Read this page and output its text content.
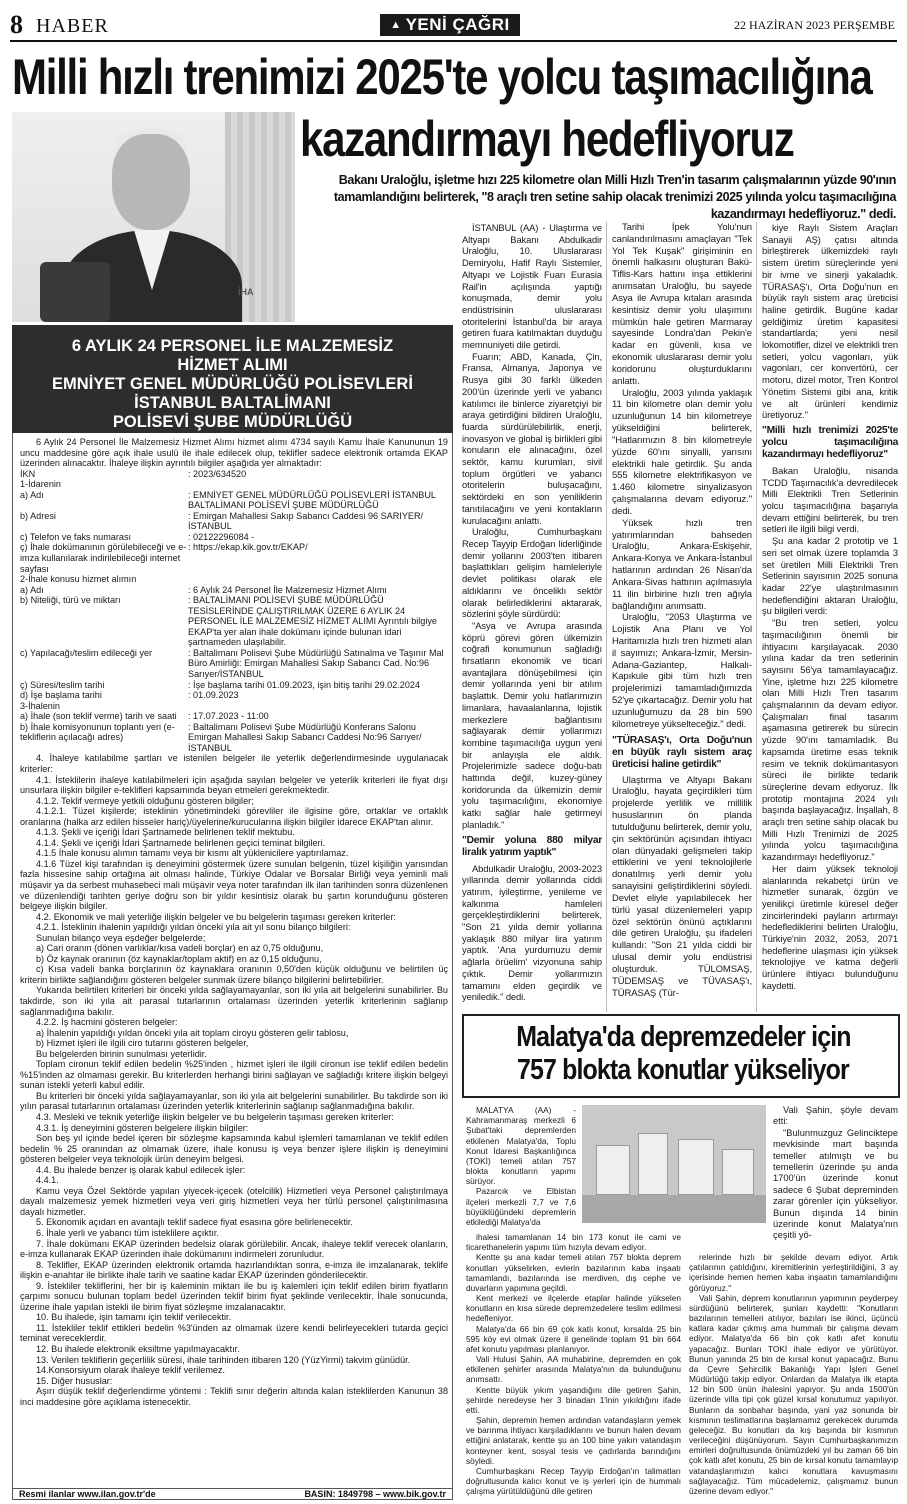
8 HABER	▲ YENİ ÇAĞRI	22 HAZİRAN 2023 PERŞEMBE
Milli hızlı trenimizi 2025'te yolcu taşımacılığına
kazandırmayı hedefliyoruz
İHA
Bakanı Uraloğlu, işletme hızı 225 kilometre olan Milli Hızlı Tren'in tasarım çalışmalarının yüzde 90'ının tamamlandığını belirterek, "8 araçlı tren setine sahip olacak trenimizi 2025 yılında yolcu taşımacılığına kazandırmayı hedefliyoruz." dedi.

İSTANBUL (AA) - Ulaştırma ve Altyapı Bakanı Abdulkadir Uraloğlu, 10. Uluslararası Demiryolu, Hafif Raylı Sistemler, Altyapı ve Lojistik Fuarı Eurasia Rail'in açılışında yaptığı konuşmada, demir yolu endüstrisinin uluslararası otoritelerini İstanbul'da bir araya getiren fuara katılmaktan duyduğu memnuniyeti dile getirdi.

Fuarın; ABD, Kanada, Çin, Fransa, Almanya, Japonya ve Rusya gibi 30 farklı ülkeden 200'ün üzerinde yerli ve yabancı katılımcı ile binlerce ziyaretçiyi bir araya getirdiğini bildiren Uraloğlu, fuarda sürdürülebilirlik, enerji, inovasyon ve global iş birlikleri gibi konuların ele alınacağını, özel sektör, kamu kurumları, sivil toplum örgütleri ve yabancı otoritelerin buluşacağını, sektördeki en son yeniliklerin tanıtılacağını ve yeni kontakların kurulacağını anlattı.

Uraloğlu, Cumhurbaşkanı Recep Tayyip Erdoğan liderliğinde demir yollarını 2003'ten itibaren başlattıkları gelişim hamleleriyle devlet politikası olarak ele aldıklarını ve önceliklı sektör olarak belirlediklerini aktararak, sözlerini şöyle sürdürdü:

"Asya ve Avrupa arasında köprü görevi gören ülkemizin coğrafi konumunun sağladığı fırsatların ekonomik ve ticari avantajlara dönüşebilmesi için demir yollarında yeni bir atılım başlattık. Demir yolu hatlarımızın limanlara, havaalanlarına, lojistik merkezlere bağlantısını sağlayarak demir yollarımızı kombine taşımacılığa uygun yeni bir anlayışla ele aldık. Projelerimizle sadece doğu-batı hattında değil, kuzey-güney koridorunda da ülkemizin demir yolu taşımacılığını, ekonomiye katkı sağlar hale getirmeyi planladık."

"Demir yoluna 880 milyar liralık yatırım yaptık"

Abdulkadir Uraloğlu, 2003-2023 yıllarında demir yollarında ciddi yatırım, iyileştirme, yenileme ve kalkınma hamleleri gerçekleştirdiklerini belirterek, "Son 21 yılda demir yollarına yaklaşık 880 milyar lira yatırım yaptık. 'Ana yurdumuzu demir ağlarla örüelim' vizyonuna sahip çıktık. Demir yollarımızın tamamını elden geçirdik ve yeniledik." dedi.

Tarihi İpek Yolu'nun canlandırılmasını amaçlayan "Tek Yol Tek Kuşak" girişiminin en önemli halkasını oluşturan Bakü-Tiflis-Kars hattını inşa ettiklerini anımsatan Uraloğlu, bu sayede Asya ile Avrupa kıtaları arasında kesintisiz demir yolu ulaşımını mümkün hale getiren Marmaray sayesinde Londra'dan Pekin'e kadar en güvenli, kısa ve ekonomik uluslararası demir yolu koridorunu oluşturduklarını anlattı.

Uraloğlu, 2003 yılında yaklaşık 11 bin kilometre olan demir yolu uzunluğunun 14 bin kilometreye yükseldiğini belirterek, "Hatlarımızın 8 bin kilometreyle yüzde 60'ını sinyalli, yarısını elektrikli hale getirdik. Şu anda 555 kilometre elektrifikasyon ve 1.460 kilometre sinyalizasyon çalışmalarına devam ediyoruz." dedi.

Yüksek hızlı tren yatırımlarından bahseden Uraloğlu, Ankara-Eskişehir, Ankara-Konya ve Ankara-İstanbul hatlarının ardından 26 Nisan'da Ankara-Sivas hattının açılmasıyla 11 ilin birbirine hızlı tren ağıyla bağlandığını anımsattı.

Uraloğlu, "2053 Ulaştırma ve Lojistik Ana Planı ve Yol Haritamızla hızlı tren hizmeti alan il sayımızı; Ankara-İzmir, Mersin-Adana-Gaziantep, Halkalı-Kapıkule gibi tüm hızlı tren projelerimizi tamamladığımızda 52'ye çıkartacağız. Demir yolu hat uzunluğumuzu da 28 bin 590 kilometreye yükselteceğiz." dedi.

"TÜRASAŞ'ı, Orta Doğu'nun en büyük raylı sistem araç üreticisi haline getirdik"

Ulaştırma ve Altyapı Bakanı Uraloğlu, hayata geçirdikleri tüm projelerde yerlilik ve millilik hususlarının ön planda tutulduğunu belirterek, demir yolu, çin sektörünün açısından ihtiyacı olan dünyadaki gelişmeleri takip ettiklerini ve yeni teknolojilerle donatılmış yerli demir yolu sanayisini geliştirdiklerini söyledi. Devlet eliyle yapılabilecek her türlü yasal düzenlemeleri yapıp özel sektörün önünü açtıklarını dile getiren Uraloğlu, şu ifadeleri kullandı: "Son 21 yılda ciddi bir ulusal demir yolu endüstrisi oluşturduk. TÜLOMSAŞ, TÜDEMSAŞ ve TÜVASAŞ'ı, TÜRASAŞ (Tür-

kiye Raylı Sistem Araçları Sanayii AŞ) çatısı altında birleştirerek ülkemizdeki raylı sistem üretim süreçlerinde yeni bir ivme ve sinerji yakaladık. TÜRASAŞ'ı, Orta Doğu'nun en büyük raylı sistem araç üreticisi haline getirdik. Bugüne kadar geldiğimiz üretim kapasitesi standartlarda; yeni nesil lokomotifler, dizel ve elektrikli tren setleri, yolcu vagonları, yük vagonları, cer konvertörü, cer motoru, dizel motor, Tren Kontrol Yönetim Sistemi gibi ana, kritik ve alt ürünleri kendimiz üretiyoruz."

"Milli hızlı trenimizi 2025'te yolcu taşımacılığına kazandırmayı hedefliyoruz"

Bakan Uraloğlu, nisanda TCDD Taşımacılık'a devredilecek Milli Elektrikli Tren Setlerinin yolcu taşımacılığına başarıyla devam ettiğini belirterek, bu tren setleri ile ilgili bilgi verdi.

Şu ana kadar 2 prototip ve 1 seri set olmak üzere toplamda 3 set üretilen Milli Elektrikli Tren Setlerinin sayısının 2025 sonuna kadar 22'ye ulaştırılmasının hedeflendiğini aktaran Uraloğlu, şu bilgileri verdi:

"Bu tren setleri, yolcu taşımacılığının önemli bir ihtiyacını karşılayacak. 2030 yılına kadar da tren setlerinin sayısını 56'ya tamamlayacağız. Yine, işletme hızı 225 kilometre olan Milli Hızlı Tren tasarım çalışmalarının da devam ediyor. Çalışmaları final tasarım aşamasına getirerek bu sürecin yüzde 90'ını tamamladık. Bu kapsamda üretime esas teknik resim ve teknik dokümantasyon süreci ile birlikte tedarik süreçlerine devam ediyoruz. İlk prototip montajına 2024 yılı başında başlayacağız. İnşallah, 8 araçlı tren setine sahip olacak bu Milli Hızlı Trenimizi de 2025 yılında yolcu taşımacılığına kazandırmayı hedefliyoruz."

Her daim yüksek teknoloji alanlarında rekabetçi ürün ve hizmetler sunarak, özgün ve yenilikçi üretimle küresel değer zincirlerindeki payların artırmayı hedeflediklerini belirten Uraloğlu, Türkiye'nin 2032, 2053, 2071 hedeflerine ulaşması için yüksek teknolojiye ve katma değerli ürünlere ihtiyacı bulunduğunu kaydetti.

6 AYLIK 24 PERSONEL İLE MALZEMESİZ
HİZMET ALIMI
EMNİYET GENEL MÜDÜRLÜĞÜ POLİSEVLERİ
İSTANBUL BALTALİMANI
POLİSEVİ ŞUBE MÜDÜRLÜĞÜ

6 Aylık 24 Personel İle Malzemesiz Hizmet Alımı hizmet alımı 4734 sayılı Kamu İhale Kanununun 19 uncu maddesine göre açık ihale usulü ile ihale edilecek olup, teklifler sadece elektronik ortamda EKAP üzerinden alınacaktır. İhaleye ilişkin ayrıntılı bilgiler aşağıda yer almaktadır:

İKN	: 2023/634520
1-İdarenin
a) Adı	: EMNİYET GENEL MÜDÜRLÜĞÜ POLİSEVLERİ İSTANBUL BALTALİMANI POLİSEVİ ŞUBE MÜDÜRLÜĞÜ
b) Adresi	: Emirgan Mahallesi Sakıp Sabancı Caddesi 96 SARIYER/İSTANBUL
c) Telefon ve faks numarası	: 02122296084 -
ç) İhale dokümanının görülebileceği ve e-imza kullanılarak indirilebileceği internet sayfası
: https://ekap.kik.gov.tr/EKAP/
2-İhale konusu hizmet alımın
a) Adı	: 6 Aylık 24 Personel İle Malzemesiz Hizmet Alımı
b) Niteliği, türü ve miktarı	: BALTALİMANI POLİSEVİ ŞUBE MÜDÜRLÜĞÜ TESİSLERİNDE ÇALIŞTIRILMAK ÜZERE 6 AYLIK 24 PERSONEL İLE MALZEMESİZ HİZMET ALIMI Ayrıntılı bilgiye EKAP'ta yer alan ihale dokümanı içinde bulunan idari şartnameden ulaşılabilir.
c) Yapılacağı/teslim edileceği yer	: Baltalimanı Polisevi Şube Müdürlüğü Satınalma ve Taşınır Mal Büro Amirliği: Emirgan Mahallesi Sakıp Sabancı Cad. No:96 Sarıyer/İSTANBUL
ç) Süresi/teslim tarihi	: İşe başlama tarihi 01.09.2023, işin bitiş tarihi 29.02.2024
d) İşe başlama tarihi	: 01.09.2023
3-İhalenin
a) İhale (son teklif verme) tarih ve saati	: 17.07.2023 - 11:00
b) İhale komisyonunun toplantı yeri (e-tekliflerin açılacağı adres)
: Baltalimanı Polisevi Şube Müdürlüğü Konferans Salonu Emirgan Mahallesi Sakıp Sabancı Caddesi No:96 Sarıyer/İSTANBUL

4. İhaleye katılabilme şartları ve istenilen belgeler ile yeterlik değerlendirmesinde uygulanacak kriterler:

4.1. İsteklilerin ihaleye katılabilmeleri için aşağıda sayılan belgeler ve yeterlik kriterleri ile fiyat dışı unsurlara ilişkin bilgiler e-teklifleri kapsamında beyan etmeleri gerekmektedir.

4.1.2. Teklif vermeye yetkili olduğunu gösteren bilgiler;

4.1.2.1. Tüzel kişilerde; isteklinin yönetimindeki görevliler ile ilgisine göre, ortaklar ve ortaklık oranlarına (halka arz edilen hisseler hariç)/üyelerine/kurucularına ilişkin bilgiler idarece EKAP'tan alınır.

4.1.3. Şekli ve içeriği İdari Şartnamede belirlenen teklif mektubu.

4.1.4. Şekli ve içeriği İdari Şartnamede belirlenen geçici teminat bilgileri.

4.1.5 İhale konusu alımın tamamı veya bir kısmı alt yüklenicilere yaptırılamaz.

4.1.6 Tüzel kişi tarafından iş deneyimini göstermek üzere sunulan belgenin, tüzel kişiliğin yarısından fazla hissesine sahip ortağına ait olması halinde, Türkiye Odalar ve Borsalar Birliği veya yeminli mali müşavir ya da serbest muhasebeci mali müşavir veya noter tarafından ilk ilan tarihinden sonra düzenlenen ve düzenlendiği tarihten geriye doğru son bir yıldır kesintisiz olarak bu şartın korunduğunu gösteren belgeye ilişkin bilgiler.

4.2. Ekonomik ve mali yeterliğe ilişkin belgeler ve bu belgelerin taşıması gereken kriterler:

4.2.1. İsteklinin ihalenin yapıldığı yıldan önceki yıla ait yıl sonu bilanço bilgileri:

Sunulan bilanço veya eşdeğer belgelerde;

a) Cari oranın (dönen varlıklar/kısa vadeli borçlar) en az 0,75 olduğunu,

b) Öz kaynak oranının (öz kaynaklar/toplam aktif) en az 0,15 olduğunu,

c) Kısa vadeli banka borçlarının öz kaynaklara oranının 0,50'den küçük olduğunu ve belirtilen üç kriterin birlikte sağlandığını gösteren belgeler sunmak üzere bilanço bilgilerini belirtebilirler.

Yukarıda belirtilen kriterleri bir önceki yılda sağlayamayanlar, son iki yıla ait belgelerini sunabilirler. Bu takdirde, son iki yıla ait parasal tutarlarının ortalaması üzerinden yeterlik kriterlerinin sağlanıp sağlanmadığına bakılır.

4.2.2. İş hacmini gösteren belgeler:

a) İhalenin yapıldığı yıldan önceki yıla ait toplam ciroyu gösteren gelir tablosu,

b) Hizmet işleri ile ilgili ciro tutarını gösteren belgeler,

Bu belgelerden birinin sunulması yeterlidir.

Toplam cironun teklif edilen bedelin %25'inden , hizmet işleri ile ilgili cironun ise teklif edilen bedelin %15'inden az olmaması gerekir. Bu kriterlerden herhangi birini sağlayan ve sağladığı kritere ilişkin belgeyi sunan istekli yeterli kabul edilir.

Bu kriterleri bir önceki yılda sağlayamayanlar, son iki yıla ait belgelerini sunabilirler. Bu takdirde son iki yılın parasal tutarlarının ortalaması üzerinden yeterlik kriterlerinin sağlanıp sağlanmadığına bakılır.

4.3. Mesleki ve teknik yeterliğe ilişkin belgeler ve bu belgelerin taşıması gereken kriterler:

4.3.1. İş deneyimini gösteren belgelere ilişkin bilgiler:

Son beş yıl içinde bedel içeren bir sözleşme kapsamında kabul işlemleri tamamlanan ve teklif edilen bedelin % 25 oranından az olmamak üzere, ihale konusu iş veya benzer işlere ilişkin iş deneyimini gösteren belgeler veya teknolojik ürün deneyim belgesi.

4.4. Bu ihalede benzer iş olarak kabul edilecek işler:

4.4.1.

Kamu veya Özel Sektörde yapılan yiyecek-içecek (otelcilik) Hizmetleri veya Personel çalıştırılmaya dayalı malzemesiz yemek hizmetleri veya veri giriş hizmetleri veya her türlü personel çalıştırılmasına dayalı hizmetler.

5. Ekonomik açıdan en avantajlı teklif sadece fiyat esasına göre belirlenecektir.

6. İhale yerli ve yabancı tüm isteklilere açıktır.

7. İhale dokümanı EKAP üzerinden bedelsiz olarak görülebilir. Ancak, ihaleye teklif verecek olanların, e-imza kullanarak EKAP üzerinden ihale dokümanını indirmeleri zorunludur.

8. Teklifler, EKAP üzerinden elektronik ortamda hazırlandıktan sonra, e-imza ile imzalanarak, teklife ilişkin e-anahtar ile birlikte ihale tarih ve saatine kadar EKAP üzerinden gönderilecektir.

9. İstekliler tekliflerini, her bir iş kaleminin miktarı ile bu iş kalemleri için teklif edilen birim fiyatların çarpımı sonucu bulunan toplam bedel üzerinden teklif birim fiyat şeklinde verilecektir. İhale sonucunda, üzerine ihale yapılan istekli ile birim fiyat sözleşme imzalanacaktır.

10. Bu ihalede, işin tamamı için teklif verilecektir.

11. İstekliler teklif ettikleri bedelin %3'ünden az olmamak üzere kendi belirleyecekleri tutarda geçici teminat vereceklerdir.

12. Bu ihalede elektronik eksiltme yapılmayacaktır.

13. Verilen tekliflerin geçerlilik süresi, ihale tarihinden itibaren 120 (YüzYirmi) takvim günüdür.

14.Konsorsiyum olarak ihaleye teklif verilemez.

15. Diğer hususlar:

Aşırı düşük teklif değerlendirme yöntemi : Teklifi sınır değerin altında kalan isteklilerden Kanunun 38 inci maddesine göre açıklama istenecektir.

Resmi ilanlar www.ilan.gov.tr'de	BASIN: 1849798 – www.bik.gov.tr
Malatya'da depremzedeler için
757 blokta konutlar yükseliyor

MALATYA (AA) - Kahramanmaraş merkezli 6 Şubat'taki depremlerden etkilenen Malatya'da, Toplu Konut İdaresi Başkanlığınca (TOKİ) temeli atılan 757 blokta konutların yapımı sürüyor.

Pazarcık ve Elbistan ilçeleri merkezli 7,7 ve 7,6 büyüklüğündeki depremlerin etkilediği Malatya'da

Vali Şahin, şöyle devam etti:

"Bulunmuzguz Gelinciktepe mevkisinde mart başında temeller atılmıştı ve bu temellerin üzerinde şu anda 1700'ün üzerinde konut sadece 6 Şubat depreminden zarar görenler için yükseliyor. Bunun dışında 14 binin üzerinde konut Malatya'nın çeşitli yö-

ihalesi tamamlanan 14 bin 173 konut ile cami ve ticarethanelerin yapımı tüm hızıyla devam ediyor.

Kentte şu ana kadar temeli atılan 757 blokta deprem konutları yükselirken, evlerin bazılarının kaba inşaatı tamamlandı, bazılarında ise merdiven, dış cephe ve duvarların yapımına geçildi.

Kent merkezi ve ilçelerde etaplar halinde yükselen konutların en kısa sürede depremzedelere teslim edilmesi hedefleniyor.

Malatya'da 66 bin 69 çok katlı konut, kırsalda 25 bin 595 köy evi olmak üzere il genelinde toplam 91 bin 664 afet konutu yapılması planlanıyor.

Vali Hulusi Şahin, AA muhabirine, depremden en çok etkilenen şehirler arasında Malatya'nın da bulunduğunu anımsattı.

Kentte büyük yıkım yaşandığını dile getiren Şahin, şehirde neredeyse her 3 binadan 1'inin yıkıldığını ifade etti.

Şahin, depremin hemen ardından vatandaşların yemek ve barınma ihtiyacı karşıladıklarını ve bunun halen devam ettiğini anlatarak, kentte şu an 100 bine yakın vatandaşın konteyner kent, sosyal tesis ve çadırlarda barındığını söyledi.

Cumhurbaşkanı Recep Tayyip Erdoğan'ın talimatları doğrultusunda kalıcı konut ve iş yerleri için de hummalı çalışma yürütüldüğünü dile getiren

relerinde hızlı bir şekilde devam ediyor. Artık çatılarının çatıldığını, kiremitlerinin yerleştirildiğini, 3 ay içerisinde hemen hemen kaba inşaatın tamamlandığını görüyoruz."

Vali Şahin, deprem konutlarının yapımının peyderpey sürdüğünü belirterek, şunları kaydetti: "Konutların bazılarının temelleri atılıyor, bazıları ise ikinci, üçüncü katlara kadar çıkmış ama hummalı bir çalışma devam ediyor. Malatya'da 66 bin çok katlı afet konutu yapacağız. Bunları TOKİ ihale ediyor ve yürütüyor. Bunun yanında 25 bin de kırsal konut yapacağız. Bunu da Çevre Şehircilik Bakanlığı Yapı İşleri Genel Müdürlüğü takip ediyor. Onlardan da Malatya ilk etapta 12 bin 500 ünün ihalesini yapıyor. Şu anda 1500'ün üzerinde villa tipi çok güzel kırsal konutumuz yapılıyor. Bunların da sonbahar başında, yani yaz sonunda bir kısmının teslimatlarına başlamamız gerekecek durumda geleceğiz. Bu konutları da kış başında bir kısmının verileceğini düşünüyorum. Sayın Cumhurbaşkanımızın emirleri doğrultusunda önümüzdeki yıl bu zaman 66 bin çok katlı afet konutu, 25 bin de kırsal konutu tamamlayıp vatandaşlarımızın kalıcı konutlara kavuşmasını sağlayacağız. Tüm mücadelemiz, çalışmamız bunun üzerine devam ediyor."
